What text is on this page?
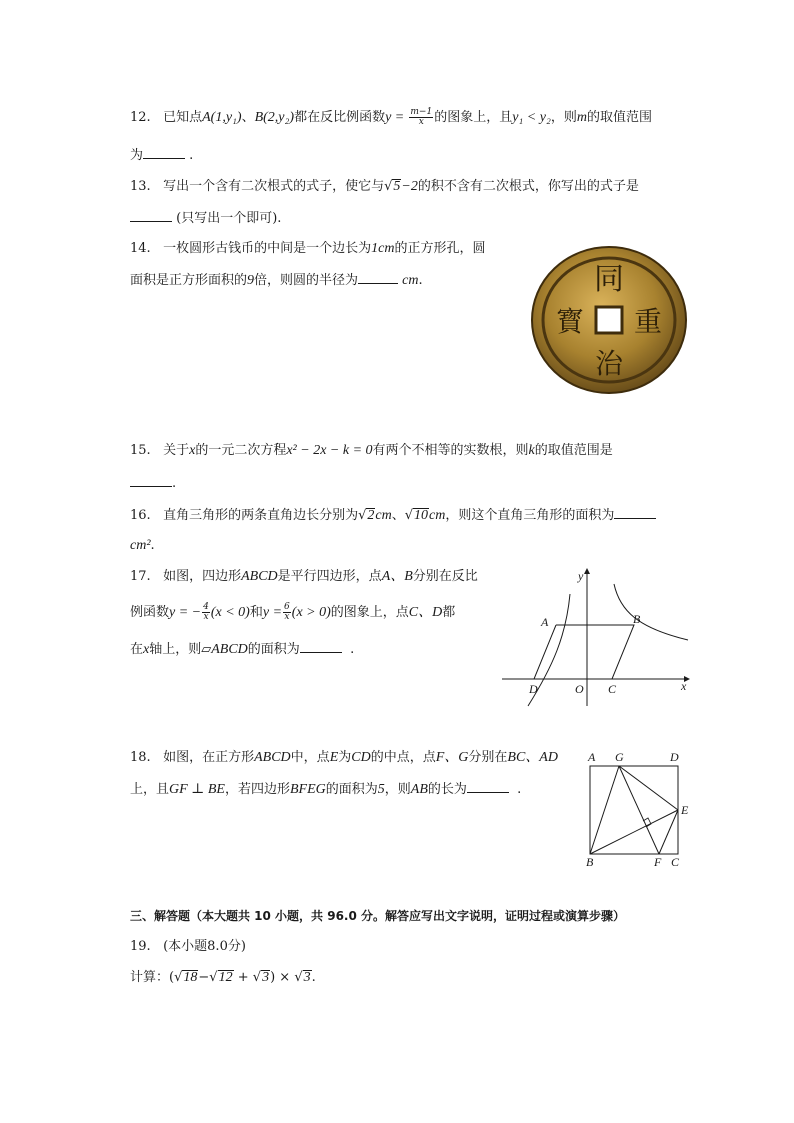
12. 已知点A(1,y₁)、B(2,y₂)都在反比例函数$y = \frac{m-1}{x}$ 的图象上，且y₁ < y₂，则m的取值范围
为	.
13. 写出一个含有二次根式的式子，使它与√5−2的积不含有二次根式，你写出的式子是
(只写出一个即可).
14. 一枚圆形古钱币的中间是一个边长为1cm的正方形孔，圆
面积是正方形面积的9倍，则圆的半径为	cm.	同
重
治
寳
15. 关于x的一元二次方程x² − 2x − k = 0有两个不相等的实数根，则k的取值范围是
.
16. 直角三角形的两条直角边长分别为√2cm、√10cm，则这个直角三角形的面积为
cm².
17. 如图，四边形ABCD是平行四边形，点A、B分别在反比
例函数y = − $\frac{4}{x} (x < 0)$和$y = \frac{6}{x} (x > 0)$的图象上，点C、D都
在x轴上，则▱ABCD的面积为	.
y
x
A	B
C
D	O
18. 如图，在正方形ABCD中，点E为CD的中点，点F、G分别在BC、AD
上，且GF ⊥ BE，若四边形BFEG的面积为5，则AB的长为	.
A G	D
E
B	F C
三、解答题（本大题共 10 小题，共 96.0 分。解答应写出文字说明，证明过程或演算步骤）
19. (本小题8.0分)
计算：(√18−√12 + √3) × √3.
